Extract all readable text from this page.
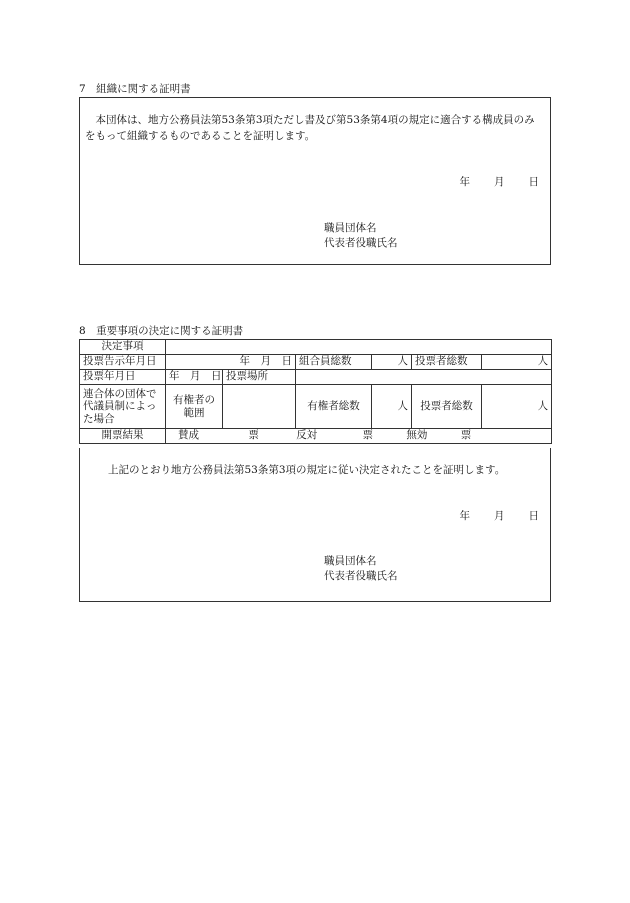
7　組織に関する証明書
本団体は、地方公務員法第53条第3項ただし書及び第53条第4項の規定に適合する構成員のみをもって組織するものであることを証明します。
年　　月　　日
職員団体名
代表者役職氏名
8　重要事項の決定に関する証明書
決定事項						
投票告示年月日	年　月　日		組合員総数	人	投票者総数	人
投票年月日	年　月　日	投票場所				
連合体の団体で代議員制によった場合	有権者の範囲		有権者総数	人	投票者総数	人
開票結果	賛成 票 反対 票 無効 票					
上記のとおり地方公務員法第53条第3項の規定に従い決定されたことを証明します。
年　　月　　日
職員団体名
代表者役職氏名
